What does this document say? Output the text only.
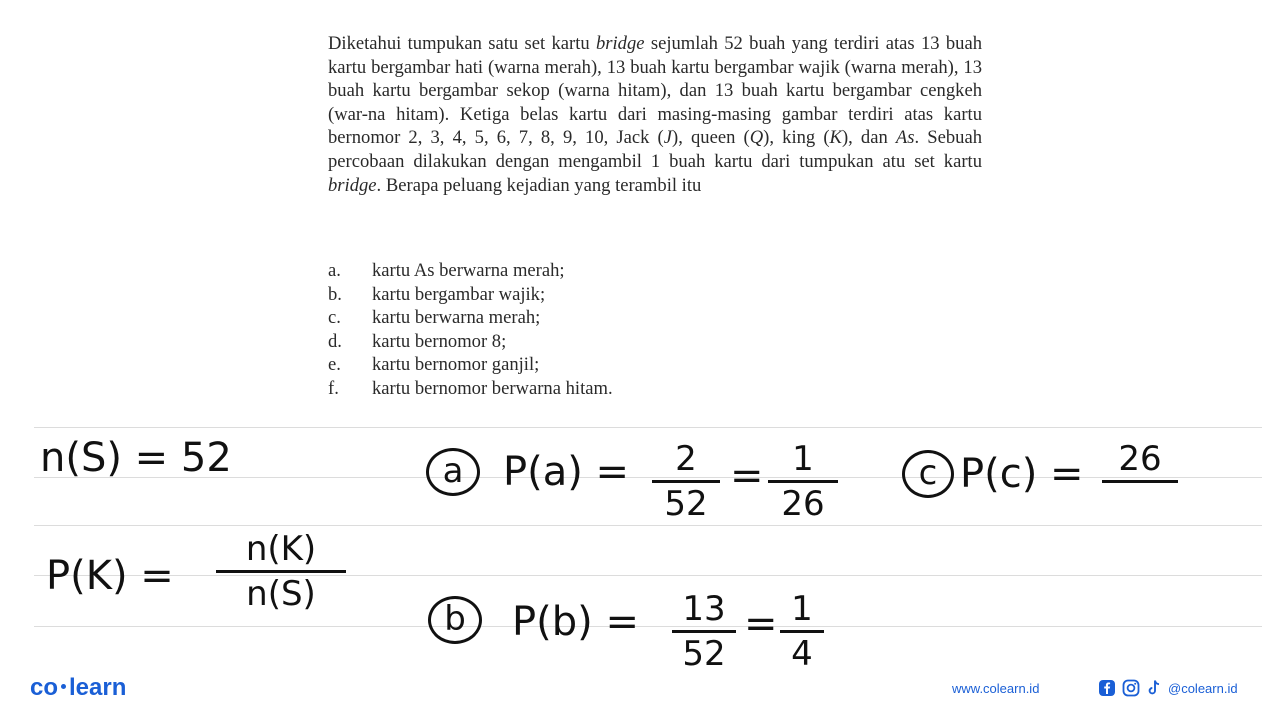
Diketahui tumpukan satu set kartu bridge sejumlah 52 buah yang terdiri atas 13 buah kartu bergambar hati (warna merah), 13 buah kartu bergambar wajik (warna merah), 13 buah kartu bergambar sekop (warna hitam), dan 13 buah kartu bergambar cengkeh (war-na hitam). Ketiga belas kartu dari masing-masing gambar terdiri atas kartu bernomor 2, 3, 4, 5, 6, 7, 8, 9, 10, Jack (J), queen (Q), king (K), dan As. Sebuah percobaan dilakukan dengan mengambil 1 buah kartu dari tumpukan atu set kartu bridge. Berapa peluang kejadian yang terambil itu

a. kartu As berwarna merah;
b. kartu bergambar wajik;
c. kartu berwarna merah;
d. kartu bernomor 8;
e. kartu bernomor ganjil;
f. kartu bernomor berwarna hitam.
n(S) = 52
P(K) =
n(K)
n(S)
a P(a) =	2
52
= 1
26
c P(c) =	26
b	P(b) =	13
52
= 1
4
co learn	www.colearn.id	@colearn.id
